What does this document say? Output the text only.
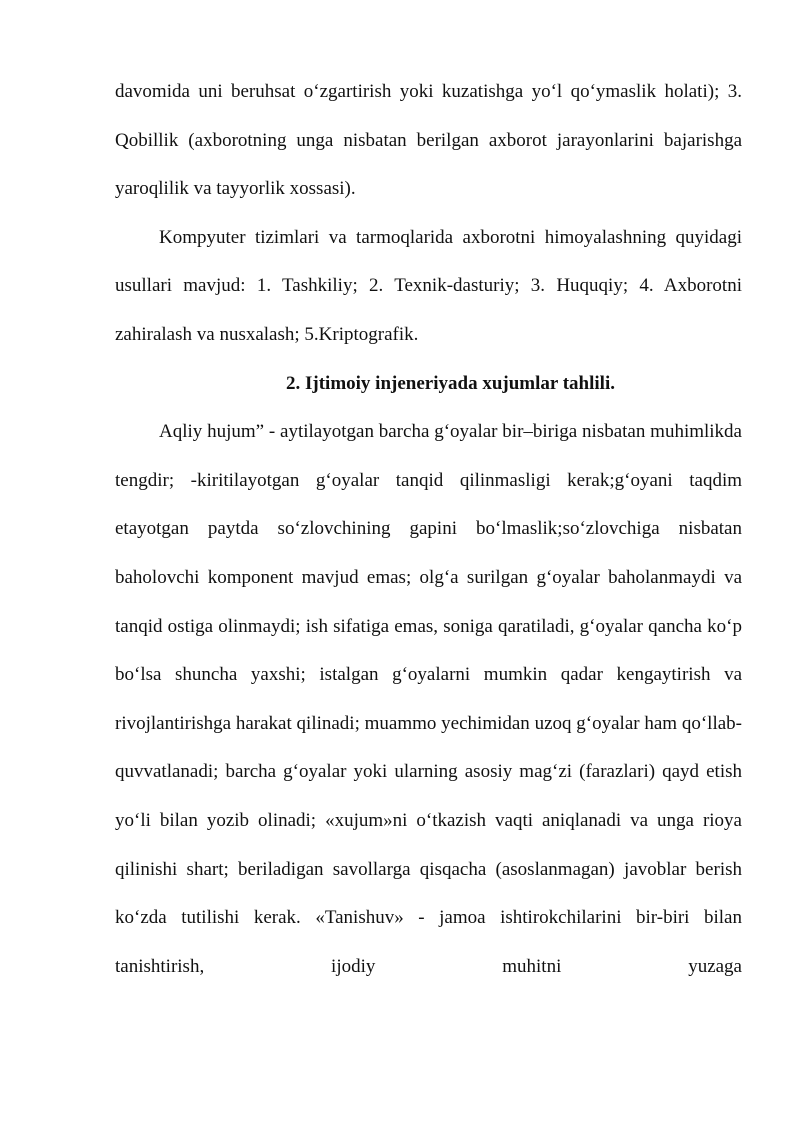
davomida uni beruhsat o‘zgartirish yoki kuzatishga yo‘l qo‘ymaslik holati); 3. Qobillik (axborotning unga nisbatan berilgan axborot jarayonlarini bajarishga yaroqlilik va tayyorlik xossasi).

Kompyuter tizimlari va tarmoqlarida axborotni himoyalashning quyidagi usullari mavjud: 1. Tashkiliy; 2. Texnik-dasturiy; 3. Huquqiy; 4. Axborotni zahiralash va nusxalash; 5.Kriptografik.

2. Ijtimoiy injeneriyada xujumlar tahlili.

Aqliy hujum” - aytilayotgan barcha g‘oyalar bir–biriga nisbatan muhimlikda tengdir; -kiritilayotgan g‘oyalar tanqid qilinmasligi kerak;g‘oyani taqdim etayotgan paytda so‘zlovchining gapini bo‘lmaslik;so‘zlovchiga nisbatan baholovchi komponent mavjud emas; olg‘a surilgan g‘oyalar baholanmaydi va tanqid ostiga olinmaydi; ish sifatiga emas, soniga qaratiladi, g‘oyalar qancha ko‘p bo‘lsa shuncha yaxshi; istalgan g‘oyalarni mumkin qadar kengaytirish va rivojlantirishga harakat qilinadi; muammo yechimidan uzoq g‘oyalar ham qo‘llab-quvvatlanadi; barcha g‘oyalar yoki ularning asosiy mag‘zi (farazlari) qayd etish yo‘li bilan yozib olinadi; «xujum»ni o‘tkazish vaqti aniqlanadi va unga rioya qilinishi shart; beriladigan savollarga qisqacha (asoslanmagan) javoblar berish ko‘zda tutilishi kerak. «Tanishuv» - jamoa ishtirokchilarini bir-biri bilan tanishtirish, ijodiy muhitni yuzaga
